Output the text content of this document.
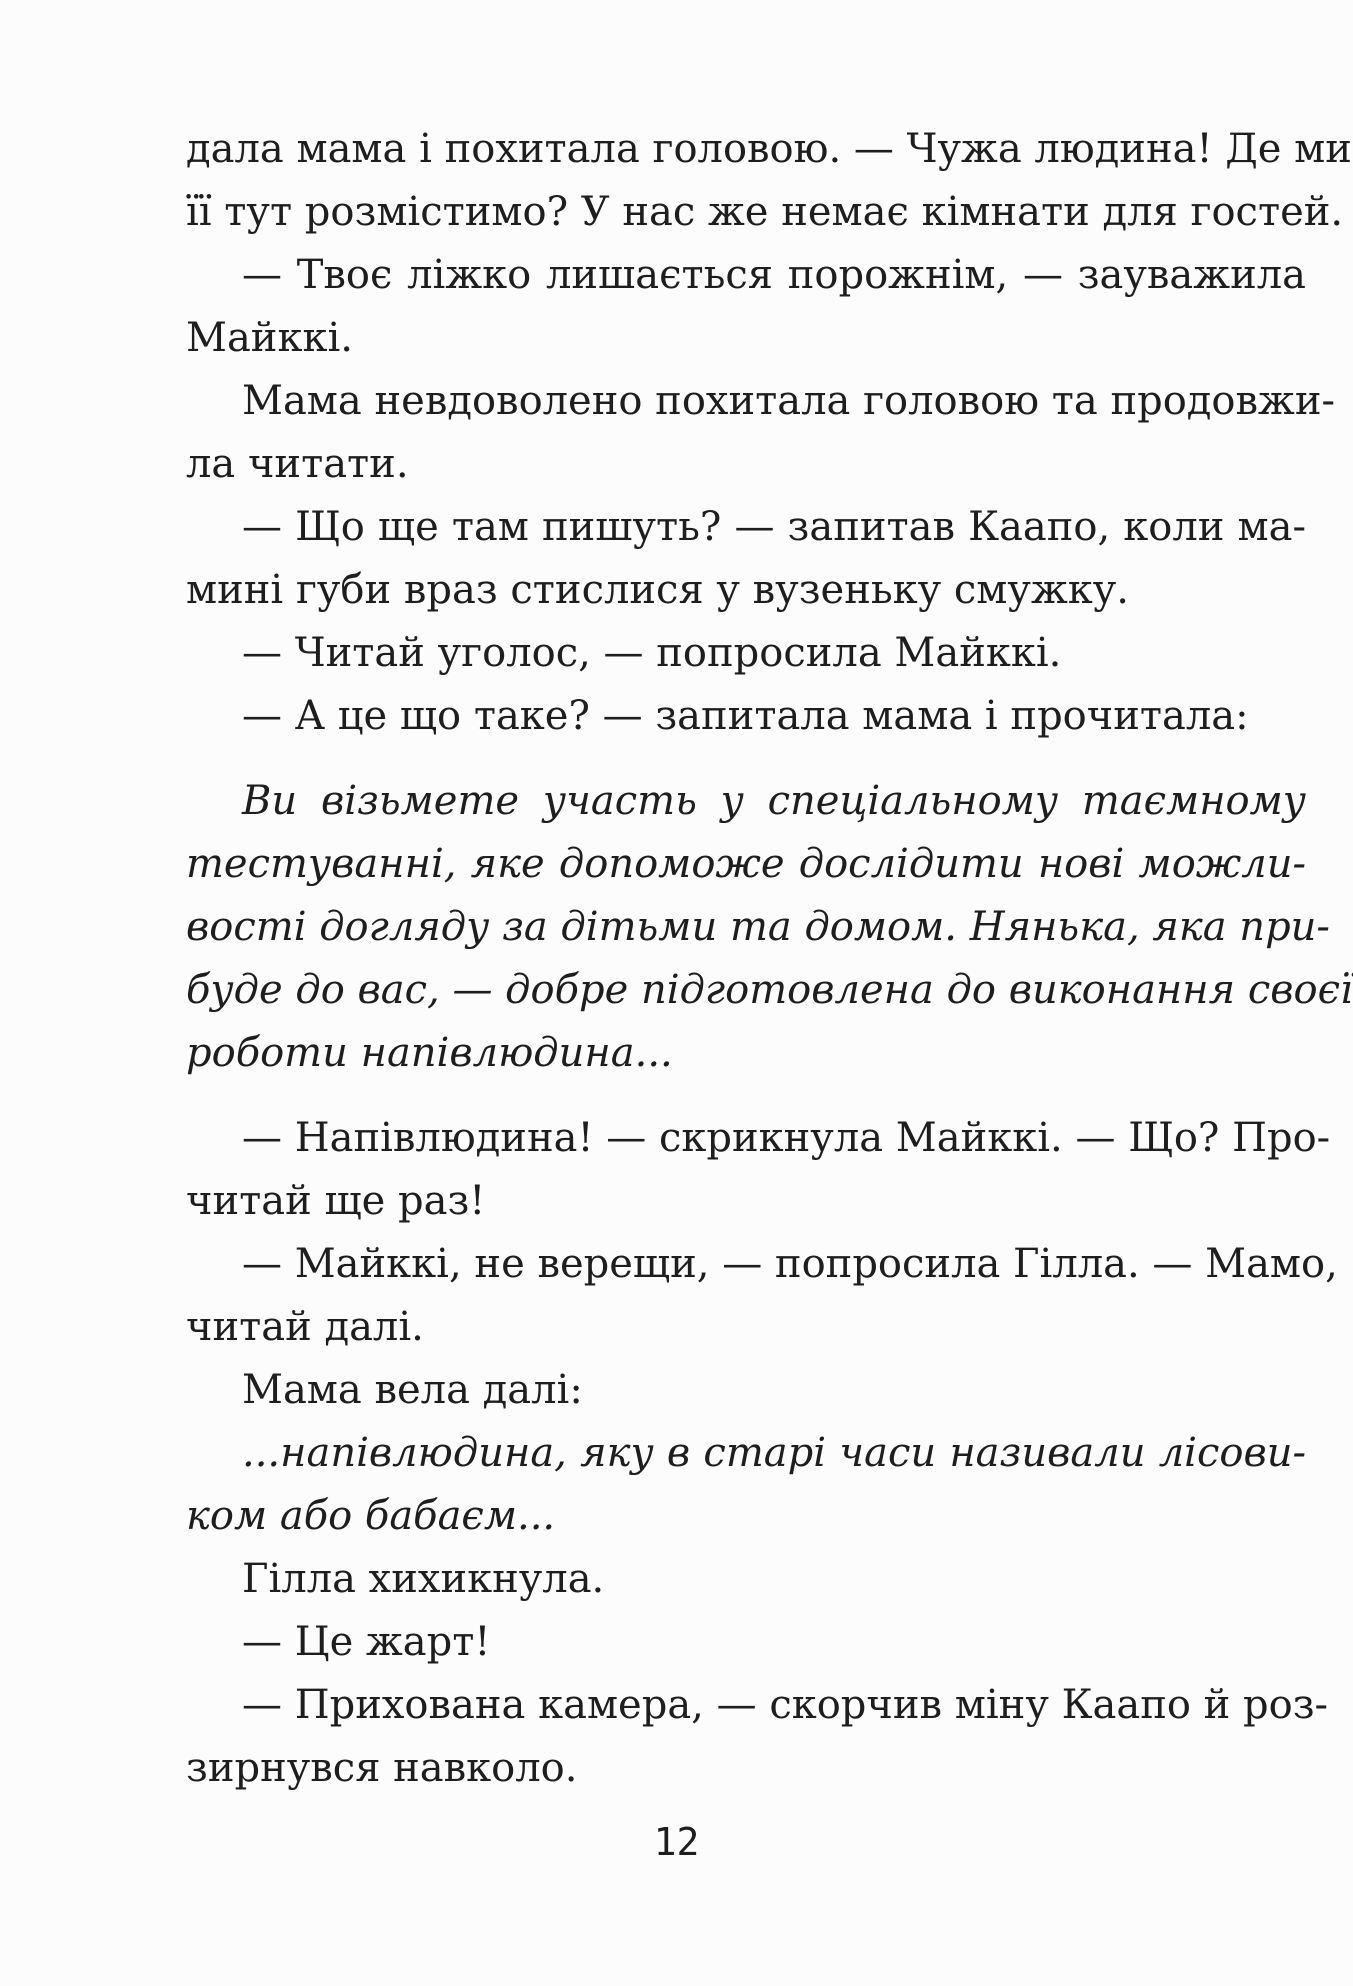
дала мама і похитала головою. — Чужа людина! Де ми
її тут розмістимо? У нас же немає кімнати для гостей.
— Твоє ліжко лишається порожнім, — зауважила
Майккі.
Мама невдоволено похитала головою та продовжи-
ла читати.
— Що ще там пишуть? — запитав Каапо, коли ма-
мині губи враз стислися у вузеньку смужку.
— Читай уголос, — попросила Майккі.
— А це що таке? — запитала мама і прочитала:
Ви візьмете участь у спеціальному таємному
тестуванні, яке допоможе дослідити нові можли-
вості догляду за дітьми та домом. Нянька, яка при-
буде до вас, — добре підготовлена до виконання своєї
роботи напівлюдина...
— Напівлюдина! — скрикнула Майккі. — Що? Про-
читай ще раз!
— Майккі, не верещи, — попросила Гілла. — Мамо,
читай далі.
Мама вела далі:
...напівлюдина, яку в старі часи називали лісови-
ком або бабаєм...
Гілла хихикнула.
— Це жарт!
— Прихована камера, — скорчив міну Каапо й роз-
зирнувся навколо.
12
